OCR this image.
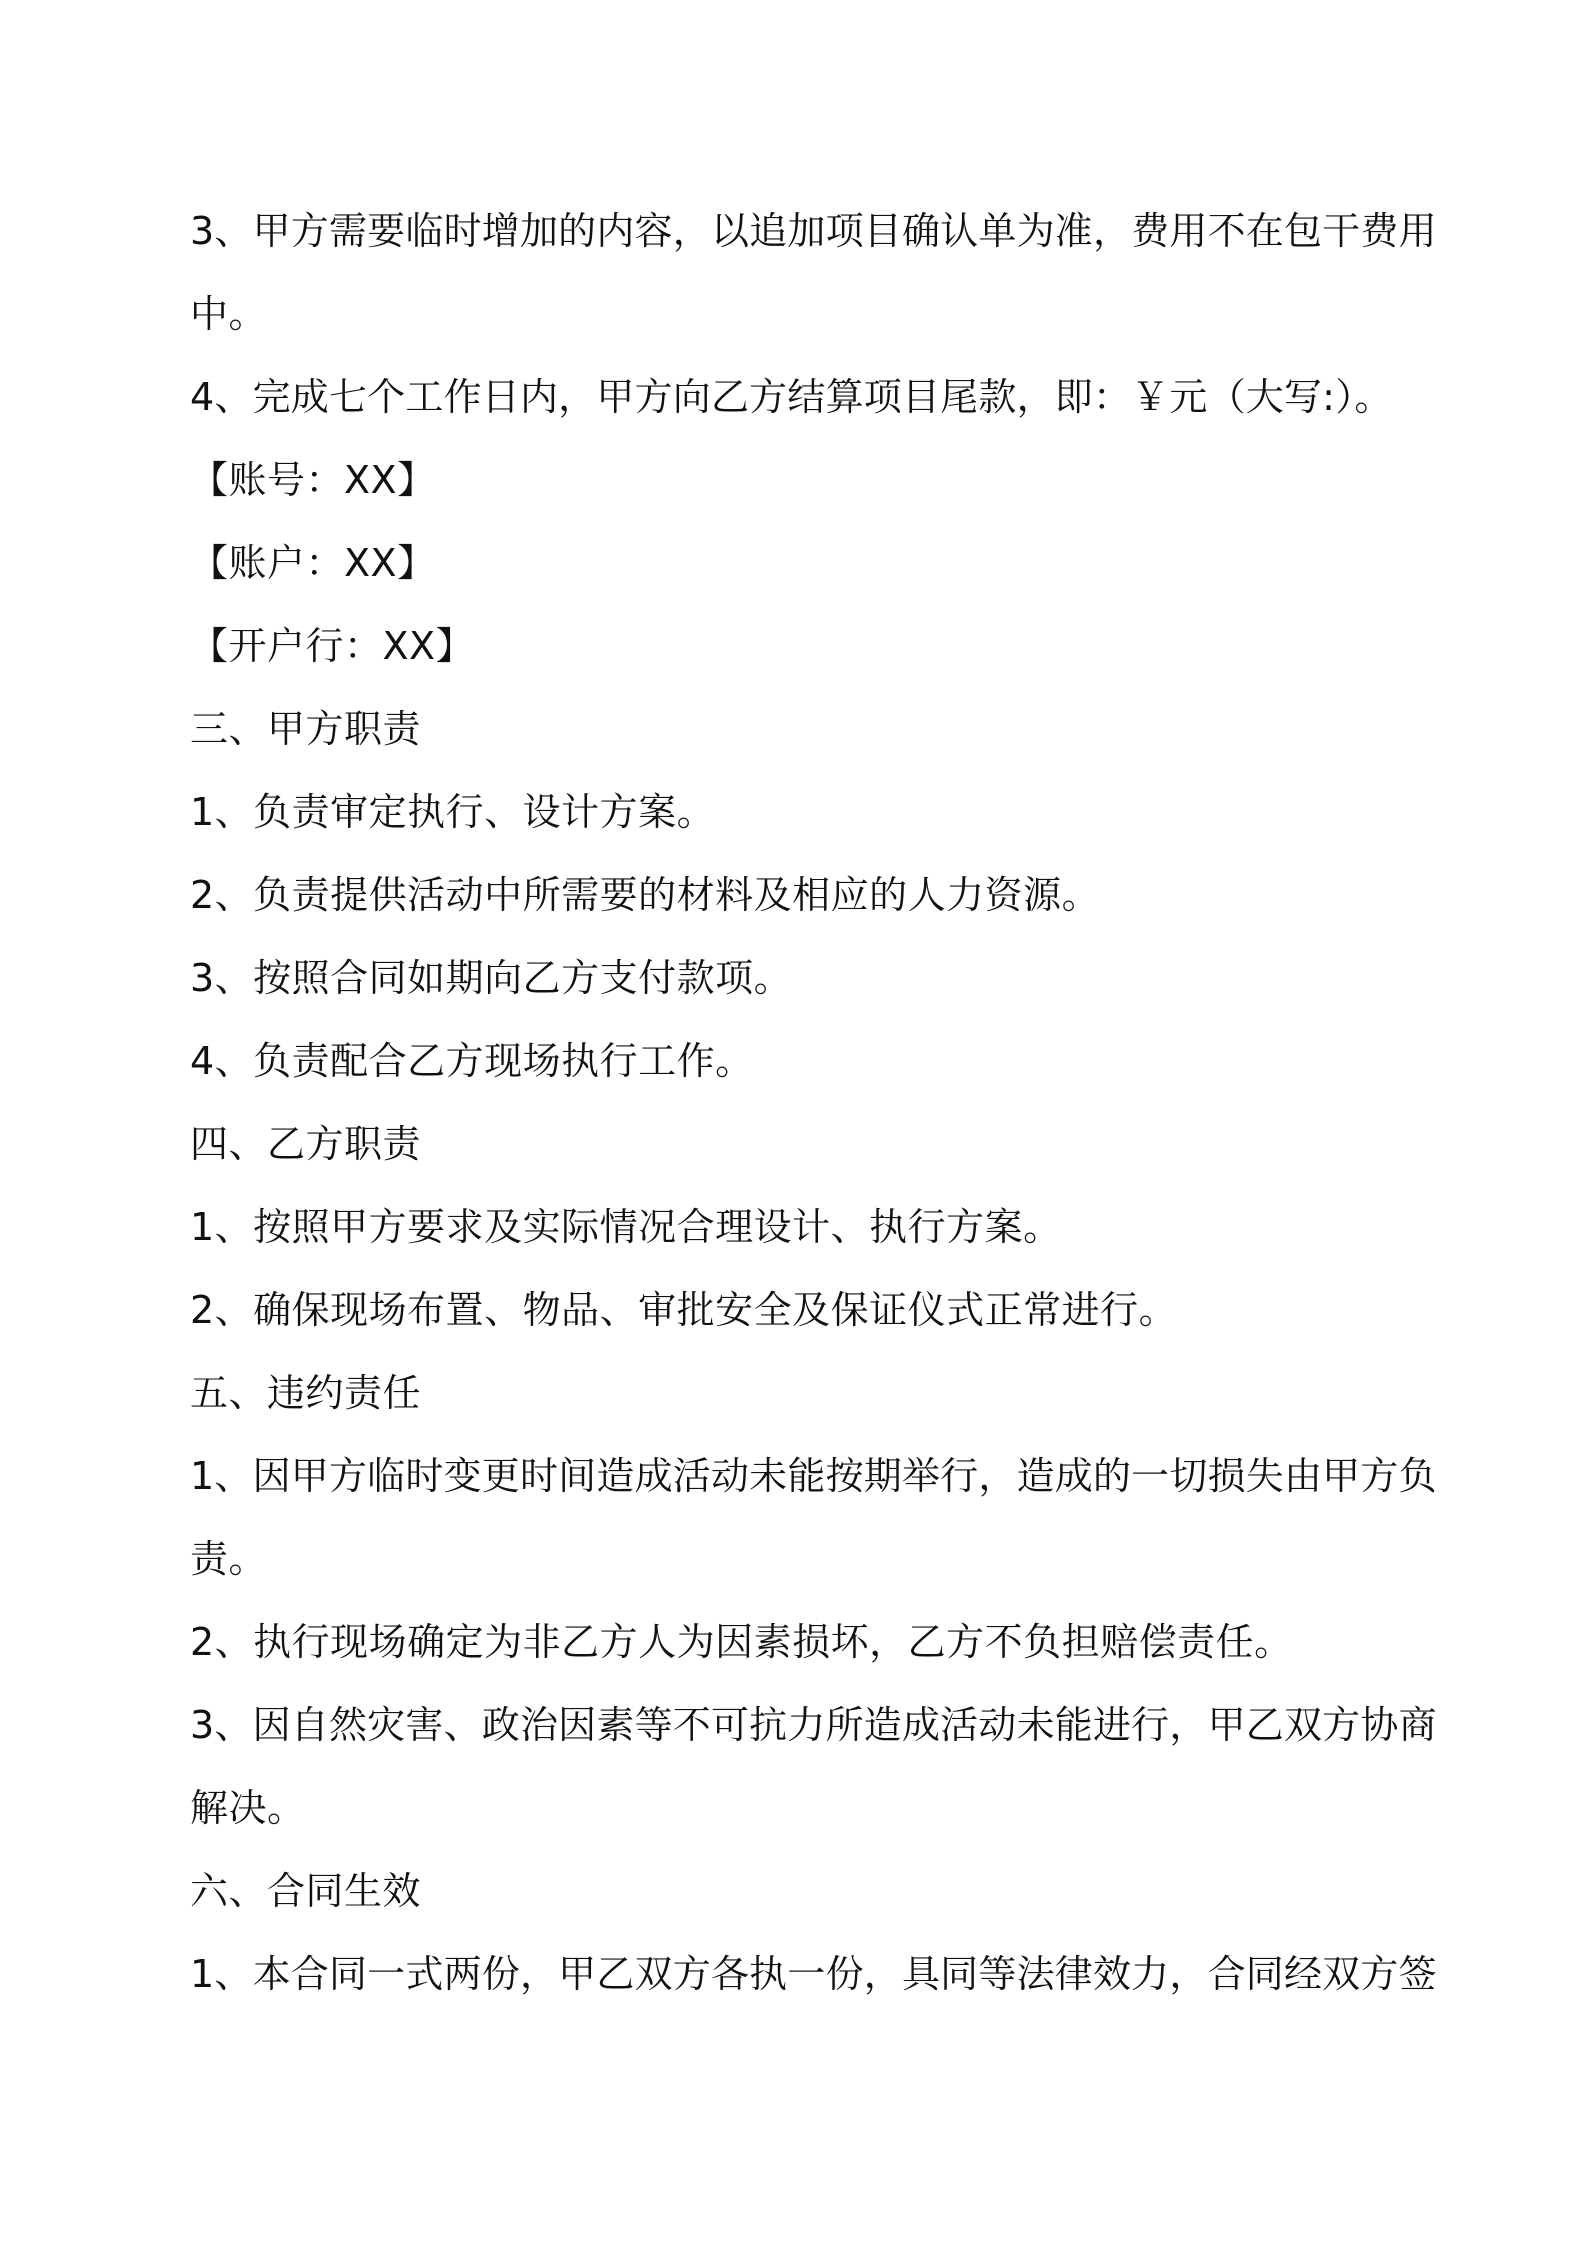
3、甲方需要临时增加的内容，以追加项目确认单为准，费用不在包干费用
中。
4、完成七个工作日内，甲方向乙方结算项目尾款，即：￥元（大写:）。
【账号：XX】
【账户：XX】
【开户行：XX】
三、甲方职责
1、负责审定执行、设计方案。
2、负责提供活动中所需要的材料及相应的人力资源。
3、按照合同如期向乙方支付款项。
4、负责配合乙方现场执行工作。
四、乙方职责
1、按照甲方要求及实际情况合理设计、执行方案。
2、确保现场布置、物品、审批安全及保证仪式正常进行。
五、违约责任
1、因甲方临时变更时间造成活动未能按期举行，造成的一切损失由甲方负
责。
2、执行现场确定为非乙方人为因素损坏，乙方不负担赔偿责任。
3、因自然灾害、政治因素等不可抗力所造成活动未能进行，甲乙双方协商
解决。
六、合同生效
1、本合同一式两份，甲乙双方各执一份，具同等法律效力，合同经双方签
